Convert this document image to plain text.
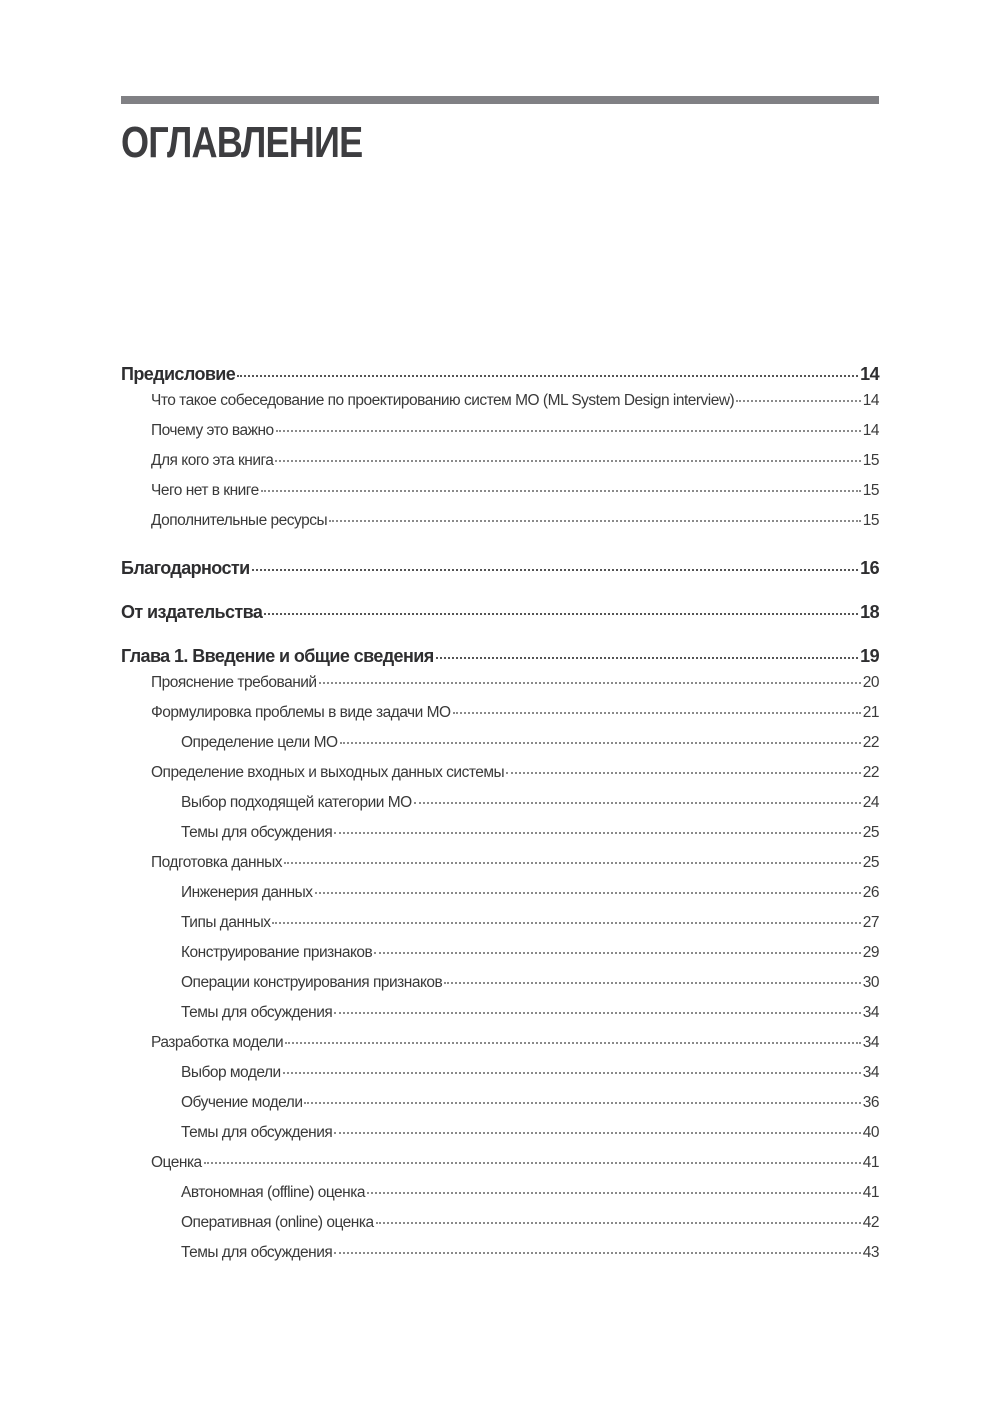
ОГЛАВЛЕНИЕ
Предисловие	14
Что такое собеседование по проектированию систем МО (ML System Design interview)	14
Почему это важно	14
Для кого эта книга	15
Чего нет в книге	15
Дополнительные ресурсы	15
Благодарности	16
От издательства	18
Глава 1. Введение и общие сведения	19
Прояснение требований	20
Формулировка проблемы в виде задачи МО	21
Определение цели МО	22
Определение входных и выходных данных системы	22
Выбор подходящей категории МО	24
Темы для обсуждения	25
Подготовка данных	25
Инженерия данных	26
Типы данных	27
Конструирование признаков	29
Операции конструирования признаков	30
Темы для обсуждения	34
Разработка модели	34
Выбор модели	34
Обучение модели	36
Темы для обсуждения	40
Оценка	41
Автономная (offline) оценка	41
Оперативная (online) оценка	42
Темы для обсуждения	43
